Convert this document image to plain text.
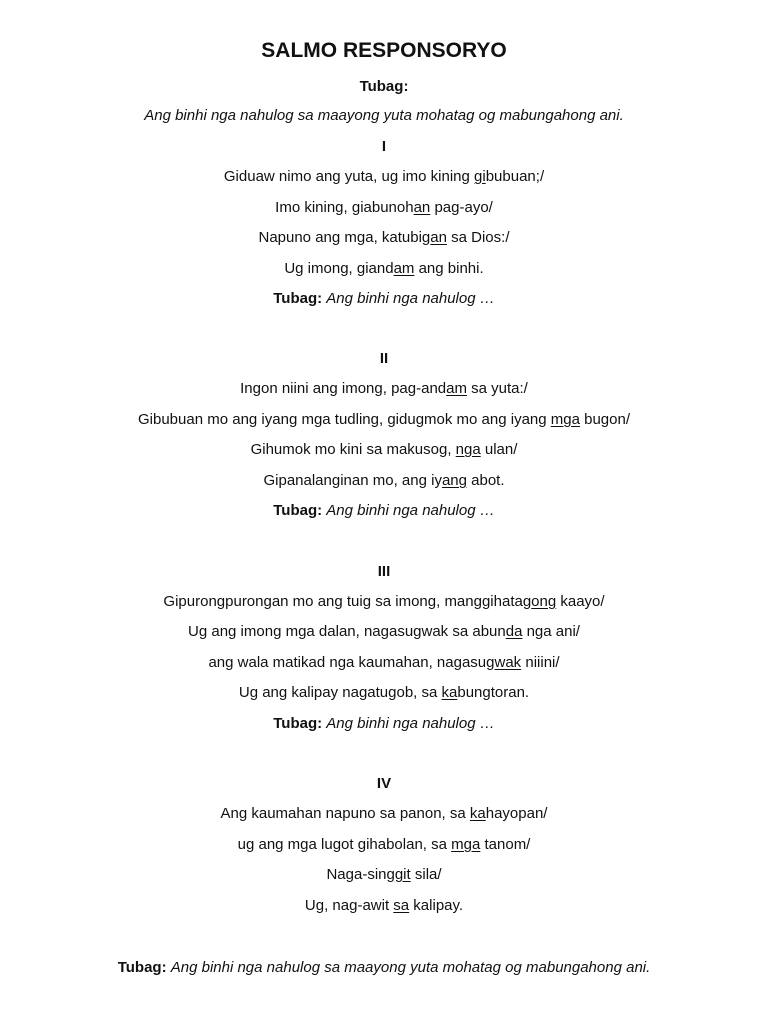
SALMO RESPONSORYO
Tubag:
Ang binhi nga nahulog sa maayong yuta mohatag og mabungahong ani.
I
Giduaw nimo ang yuta, ug imo kining gibubuan;/
Imo kining, giabunohan pag-ayo/
Napuno ang mga, katubigan sa Dios:/
Ug imong, giandam ang binhi.
Tubag: Ang binhi nga nahulog …
II
Ingon niini ang imong, pag-andam sa yuta:/
Gibubuan mo ang iyang mga tudling, gidugmok mo ang iyang mga bugon/
Gihumok mo kini sa makusog, nga ulan/
Gipanalanginan mo, ang iyang abot.
Tubag: Ang binhi nga nahulog …
III
Gipurongpurongan mo ang tuig sa imong, manggihatagong kaayo/
Ug ang imong mga dalan, nagasugwak sa abunda nga ani/
ang wala matikad nga kaumahan, nagasugwak niiini/
Ug ang kalipay nagatugob, sa kabungtoran.
Tubag: Ang binhi nga nahulog …
IV
Ang kaumahan napuno sa panon, sa kahayopan/
ug ang mga lugot gihabolan, sa mga tanom/
Naga-singgit sila/
Ug, nag-awit sa kalipay.
Tubag: Ang binhi nga nahulog sa maayong yuta mohatag og mabungahong ani.
